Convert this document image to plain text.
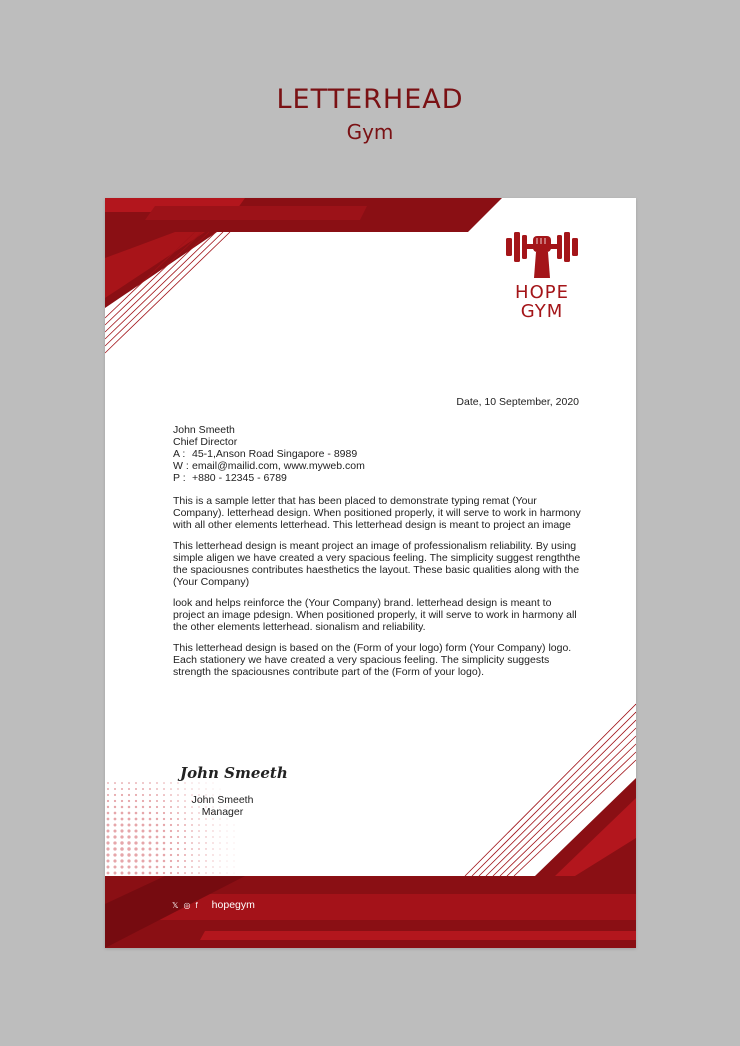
LETTERHEAD
Gym
HOPE
GYM
Date, 10 September, 2020
John Smeeth
Chief Director
A : 45-1,Anson Road Singapore - 8989
W : email@mailid.com, www.myweb.com
P : +880 - 12345 - 6789

This is a sample letter that has been placed to demonstrate typing remat (Your Company). letterhead design. When positioned properly, it will serve to work in harmony with all other elements letterhead. This letterhead design is meant to project an image

This letterhead design is meant project an image of professionalism reliability. By using simple aligen we have created a very spacious feeling. The simplicity suggest rengththe the spaciousnes contributes haesthetics the layout. These basic qualities along with the (Your Company)

look and helps reinforce the (Your Company) brand. letterhead design is meant to project an image pdesign. When positioned properly, it will serve to work in harmony all the other elements letterhead. sionalism and reliability.

This letterhead design is based on the (Form of your logo) form (Your Company) logo. Each stationery we have created a very spacious feeling. The simplicity suggests strength the spaciousnes contribute part of the (Form of your logo).

John Smeeth
John Smeeth
Manager
𝕏 ◎ f hopegym
